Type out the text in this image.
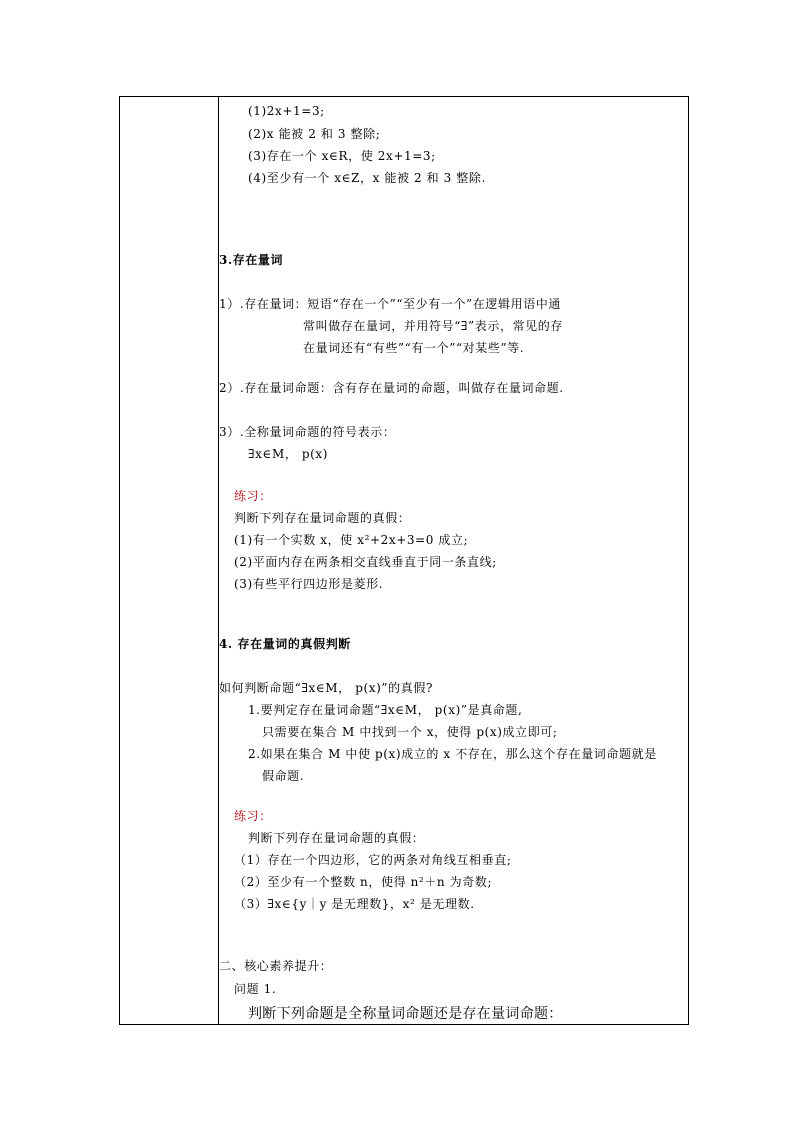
(1)2x+1=3;
(2)x 能被 2 和 3 整除;
(3)存在一个 x∈R，使 2x+1=3;
(4)至少有一个 x∈Z，x 能被 2 和 3 整除.
3.存在量词
1）.存在量词：短语“存在一个”“至少有一个”在逻辑用语中通
常叫做存在量词，并用符号“∃”表示，常见的存
在量词还有“有些”“有一个”“对某些”等.
2）.存在量词命题：含有存在量词的命题，叫做存在量词命题.
3）.全称量词命题的符号表示：
∃x∈M， p(x)
练习：
判断下列存在量词命题的真假：
(1)有一个实数 x，使 x²+2x+3=0 成立;
(2)平面内存在两条相交直线垂直于同一条直线;
(3)有些平行四边形是菱形.
4. 存在量词的真假判断
如何判断命题“∃x∈M， p(x)”的真假?
1.要判定存在量词命题“∃x∈M， p(x)”是真命题,
只需要在集合 M 中找到一个 x，使得 p(x)成立即可;
2.如果在集合 M 中使 p(x)成立的 x 不存在，那么这个存在量词命题就是
假命题.
练习：
判断下列存在量词命题的真假：
（1）存在一个四边形，它的两条对角线互相垂直;
（2）至少有一个整数 n，使得 n²＋n 为奇数;
（3）∃x∈{y｜y 是无理数}，x² 是无理数.
二、核心素养提升：
问题 1.
判断下列命题是全称量词命题还是存在量词命题：
